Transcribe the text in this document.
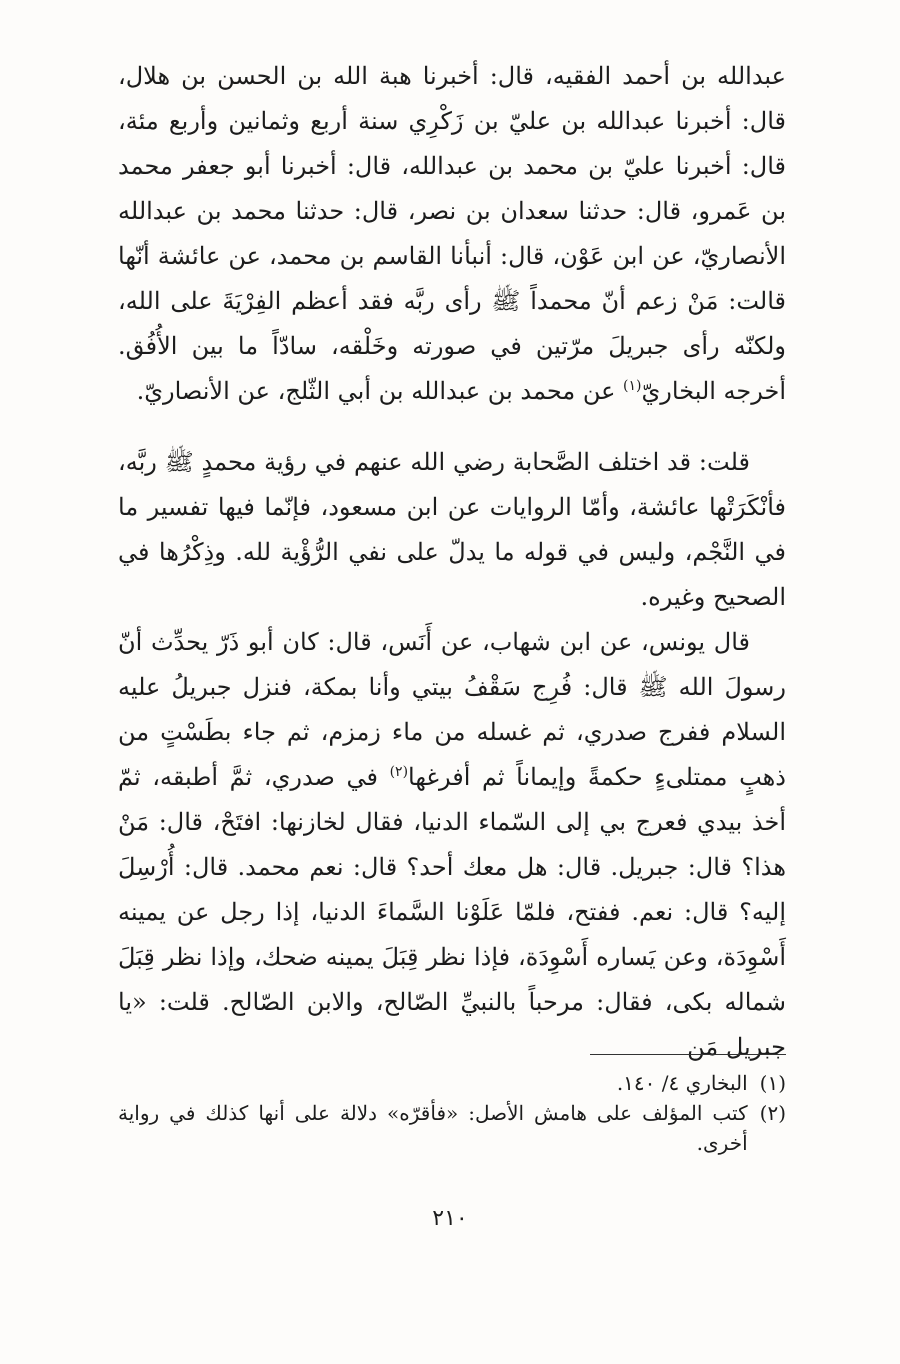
عبدالله بن أحمد الفقيه، قال: أخبرنا هبة الله بن الحسن بن هلال، قال: أخبرنا عبدالله بن عليّ بن زَكْرِي سنة أربع وثمانين وأربع مئة، قال: أخبرنا عليّ بن محمد بن عبدالله، قال: أخبرنا أبو جعفر محمد بن عَمرو، قال: حدثنا سعدان بن نصر، قال: حدثنا محمد بن عبدالله الأنصاريّ، عن ابن عَوْن، قال: أنبأنا القاسم بن محمد، عن عائشة أنّها قالت: مَنْ زعم أنّ محمداً ﷺ رأى ربَّه فقد أعظم الفِرْيَةَ على الله، ولكنّه رأى جبريلَ مرّتين في صورته وخَلْقه، سادّاً ما بين الأُفُق. أخرجه البخاريّ$^{(١)}$ عن محمد بن عبدالله بن أبي الثّلج، عن الأنصاريّ.

قلت: قد اختلف الصَّحابة رضي الله عنهم في رؤية محمدٍ ﷺ ربَّه، فأنْكَرَتْها عائشة، وأمّا الروايات عن ابن مسعود، فإنّما فيها تفسير ما في النَّجْم، وليس في قوله ما يدلّ على نفي الرُّؤْية لله. وذِكْرُها في الصحيح وغيره.

قال يونس، عن ابن شهاب، عن أَنَس، قال: كان أبو ذَرّ يحدِّث أنّ رسولَ الله ﷺ قال: فُرِج سَقْفُ بيتي وأنا بمكة، فنزل جبريلُ عليه السلام ففرج صدري، ثم غسله من ماء زمزم، ثم جاء بطَسْتٍ من ذهبٍ ممتلىءٍ حكمةً وإيماناً ثم أفرغها$^{(٢)}$ في صدري، ثمَّ أطبقه، ثمّ أخذ بيدي فعرج بي إلى السّماء الدنيا، فقال لخازنها: افتَحْ، قال: مَنْ هذا؟ قال: جبريل. قال: هل معك أحد؟ قال: نعم محمد. قال: أُرْسِلَ إليه؟ قال: نعم. ففتح، فلمّا عَلَوْنا السَّماءَ الدنيا، إذا رجل عن يمينه أَسْوِدَة، وعن يَساره أَسْوِدَة، فإذا نظر قِبَلَ يمينه ضحك، وإذا نظر قِبَلَ شماله بكى، فقال: مرحباً بالنبيِّ الصّالح، والابن الصّالح. قلت: «يا جبريل مَن

(١)
البخاري ٤/ ١٤٠.
(٢)
كتب المؤلف على هامش الأصل: «فأقرّه» دلالة على أنها كذلك في رواية أخرى.
٢١٠
